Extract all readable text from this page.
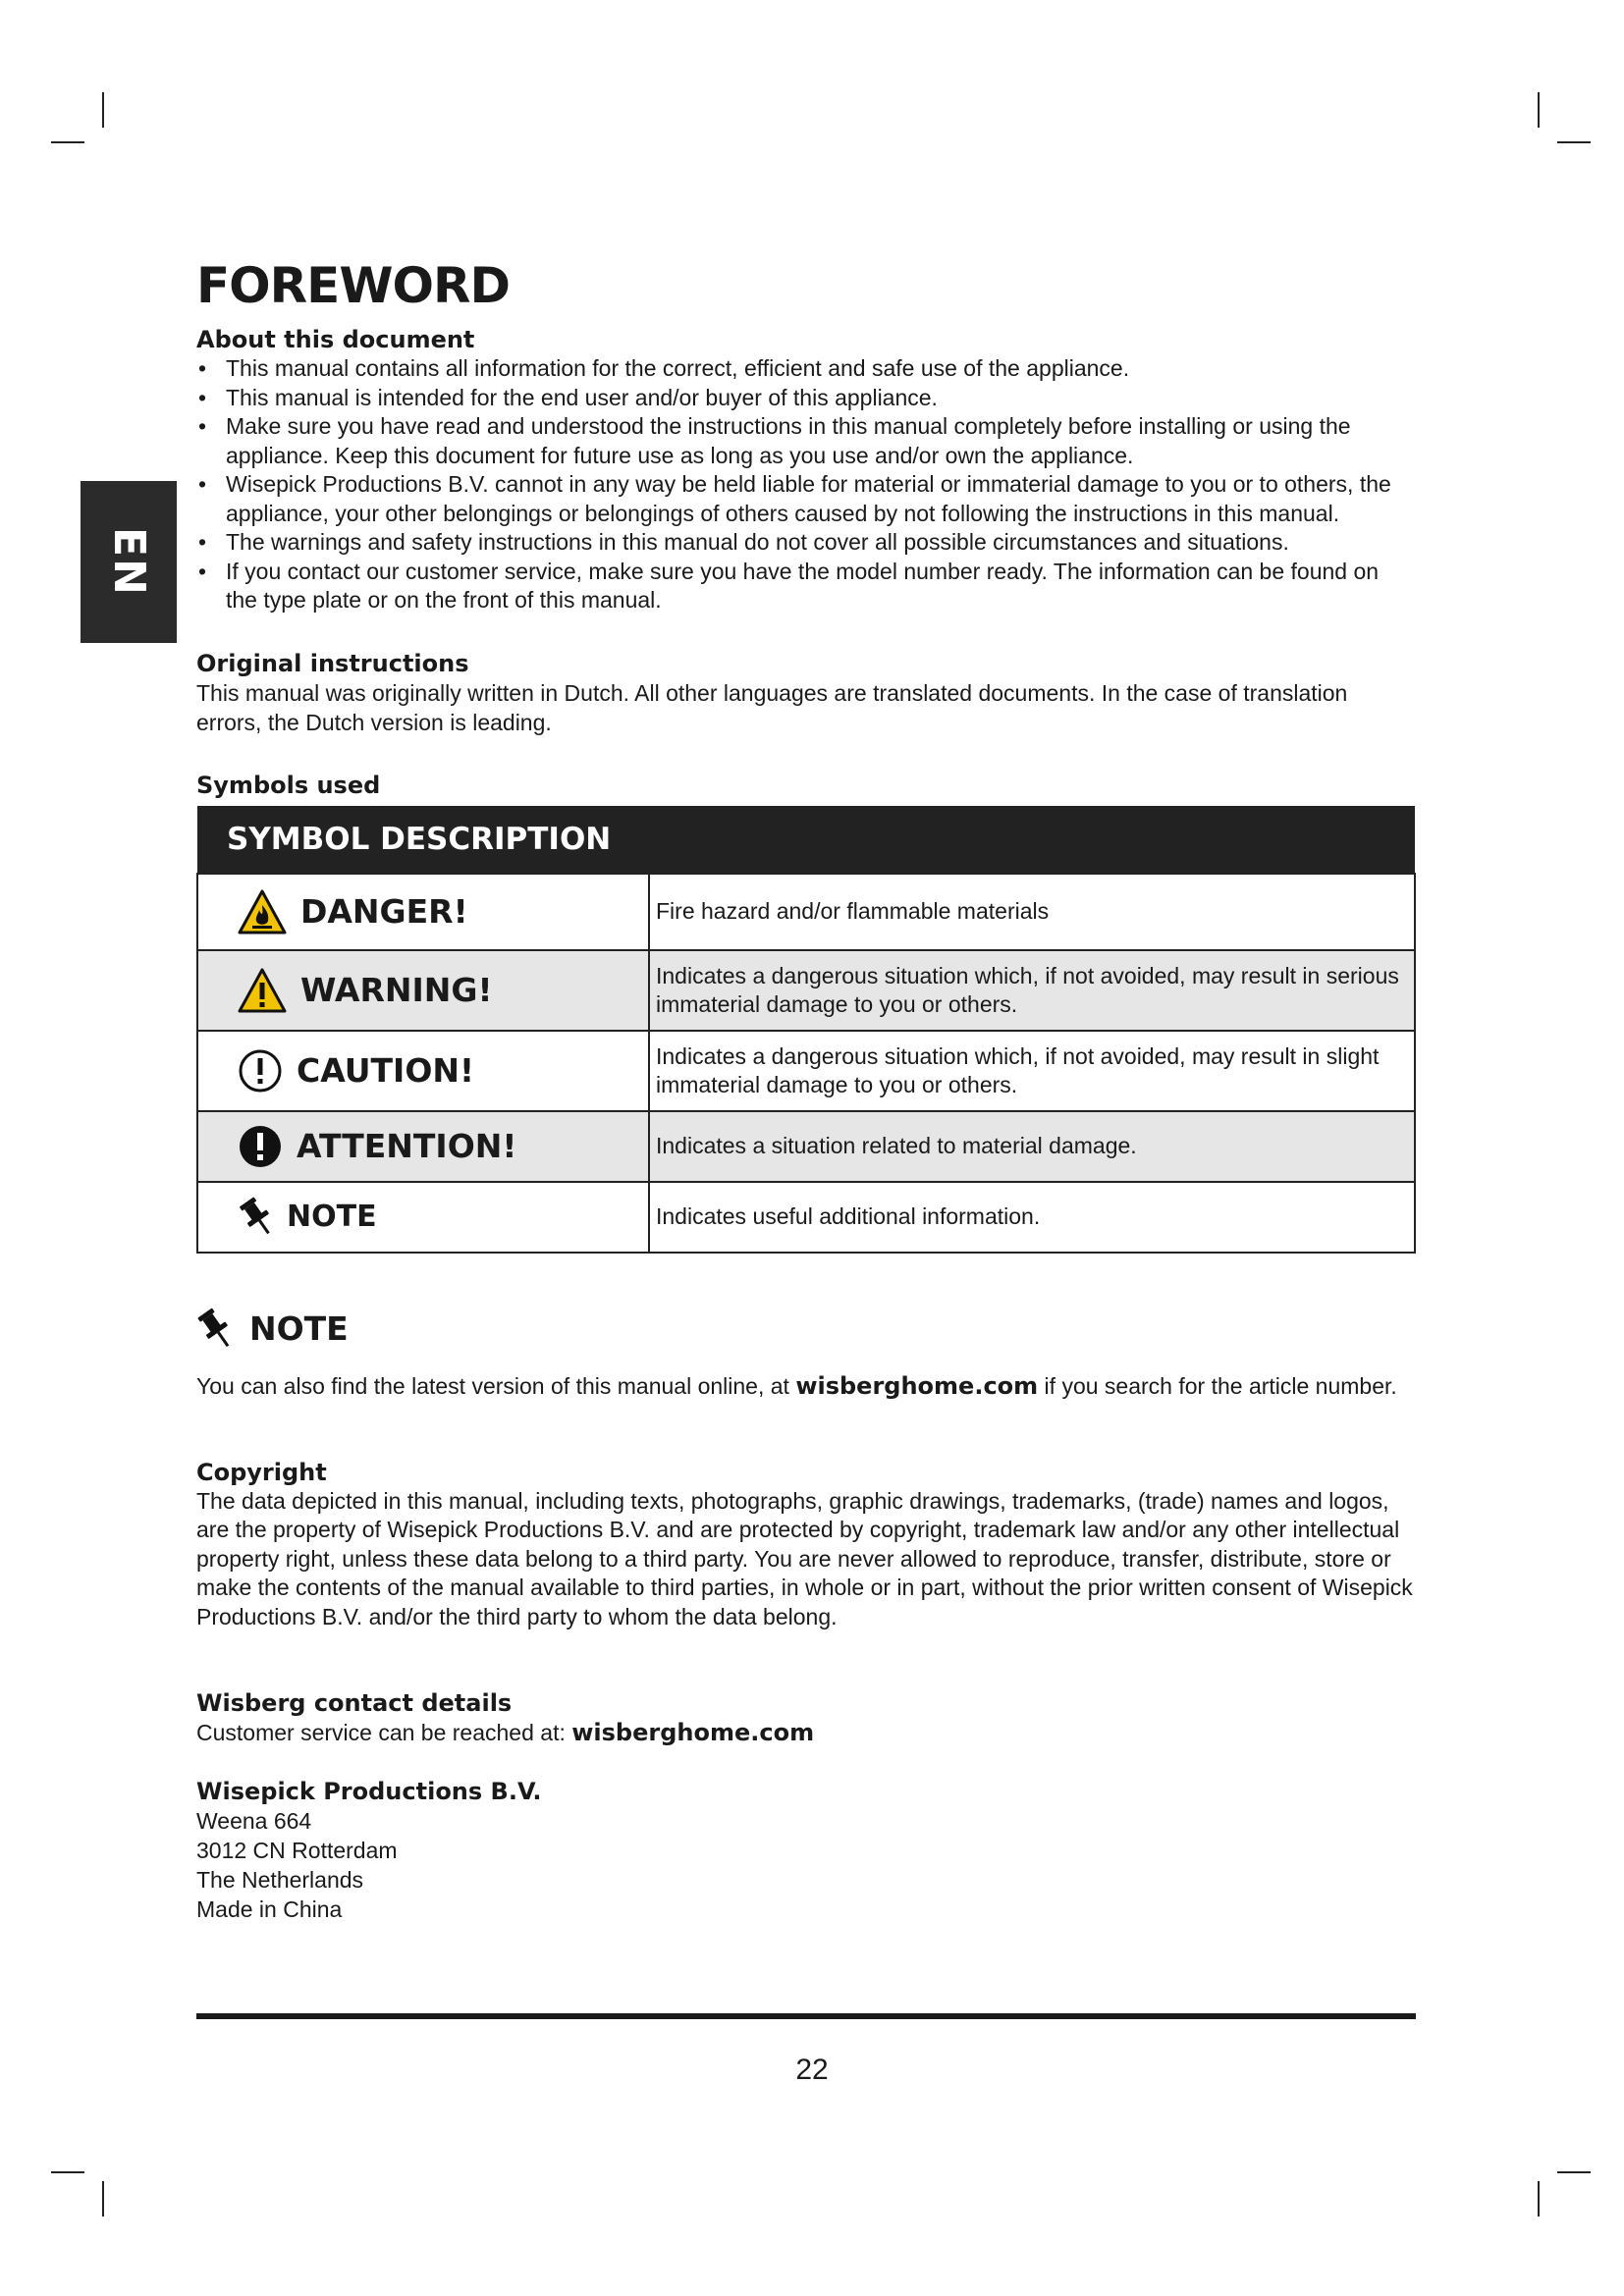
EN
FOREWORD
About this document
• This manual contains all information for the correct, efficient and safe use of the appliance.
• This manual is intended for the end user and/or buyer of this appliance.
• Make sure you have read and understood the instructions in this manual completely before installing or using the appliance. Keep this document for future use as long as you use and/or own the appliance.
• Wisepick Productions B.V. cannot in any way be held liable for material or immaterial damage to you or to others, the appliance, your other belongings or belongings of others caused by not following the instructions in this manual.
• The warnings and safety instructions in this manual do not cover all possible circumstances and situations.
• If you contact our customer service, make sure you have the model number ready. The information can be found on the type plate or on the front of this manual.
Original instructions

This manual was originally written in Dutch. All other languages are translated documents. In the case of translation errors, the Dutch version is leading.

Symbols used
SYMBOL DESCRIPTION	

DANGER!	Fire hazard and/or flammable materials

WARNING!	Indicates a dangerous situation which, if not avoided, may result in serious immaterial damage to you or others.

CAUTION!	Indicates a dangerous situation which, if not avoided, may result in slight immaterial damage to you or others.

ATTENTION!	Indicates a situation related to material damage.

NOTE	Indicates useful additional information.
NOTE

You can also find the latest version of this manual online, at wisberghome.com if you search for the article number.

Copyright

The data depicted in this manual, including texts, photographs, graphic drawings, trademarks, (trade) names and logos, are the property of Wisepick Productions B.V. and are protected by copyright, trademark law and/or any other intellectual property right, unless these data belong to a third party. You are never allowed to reproduce, transfer, distribute, store or make the contents of the manual available to third parties, in whole or in part, without the prior written consent of Wisepick Productions B.V. and/or the third party to whom the data belong.

Wisberg contact details

Customer service can be reached at: wisberghome.com

Wisepick Productions B.V.

Weena 664

3012 CN Rotterdam

The Netherlands

Made in China

22
